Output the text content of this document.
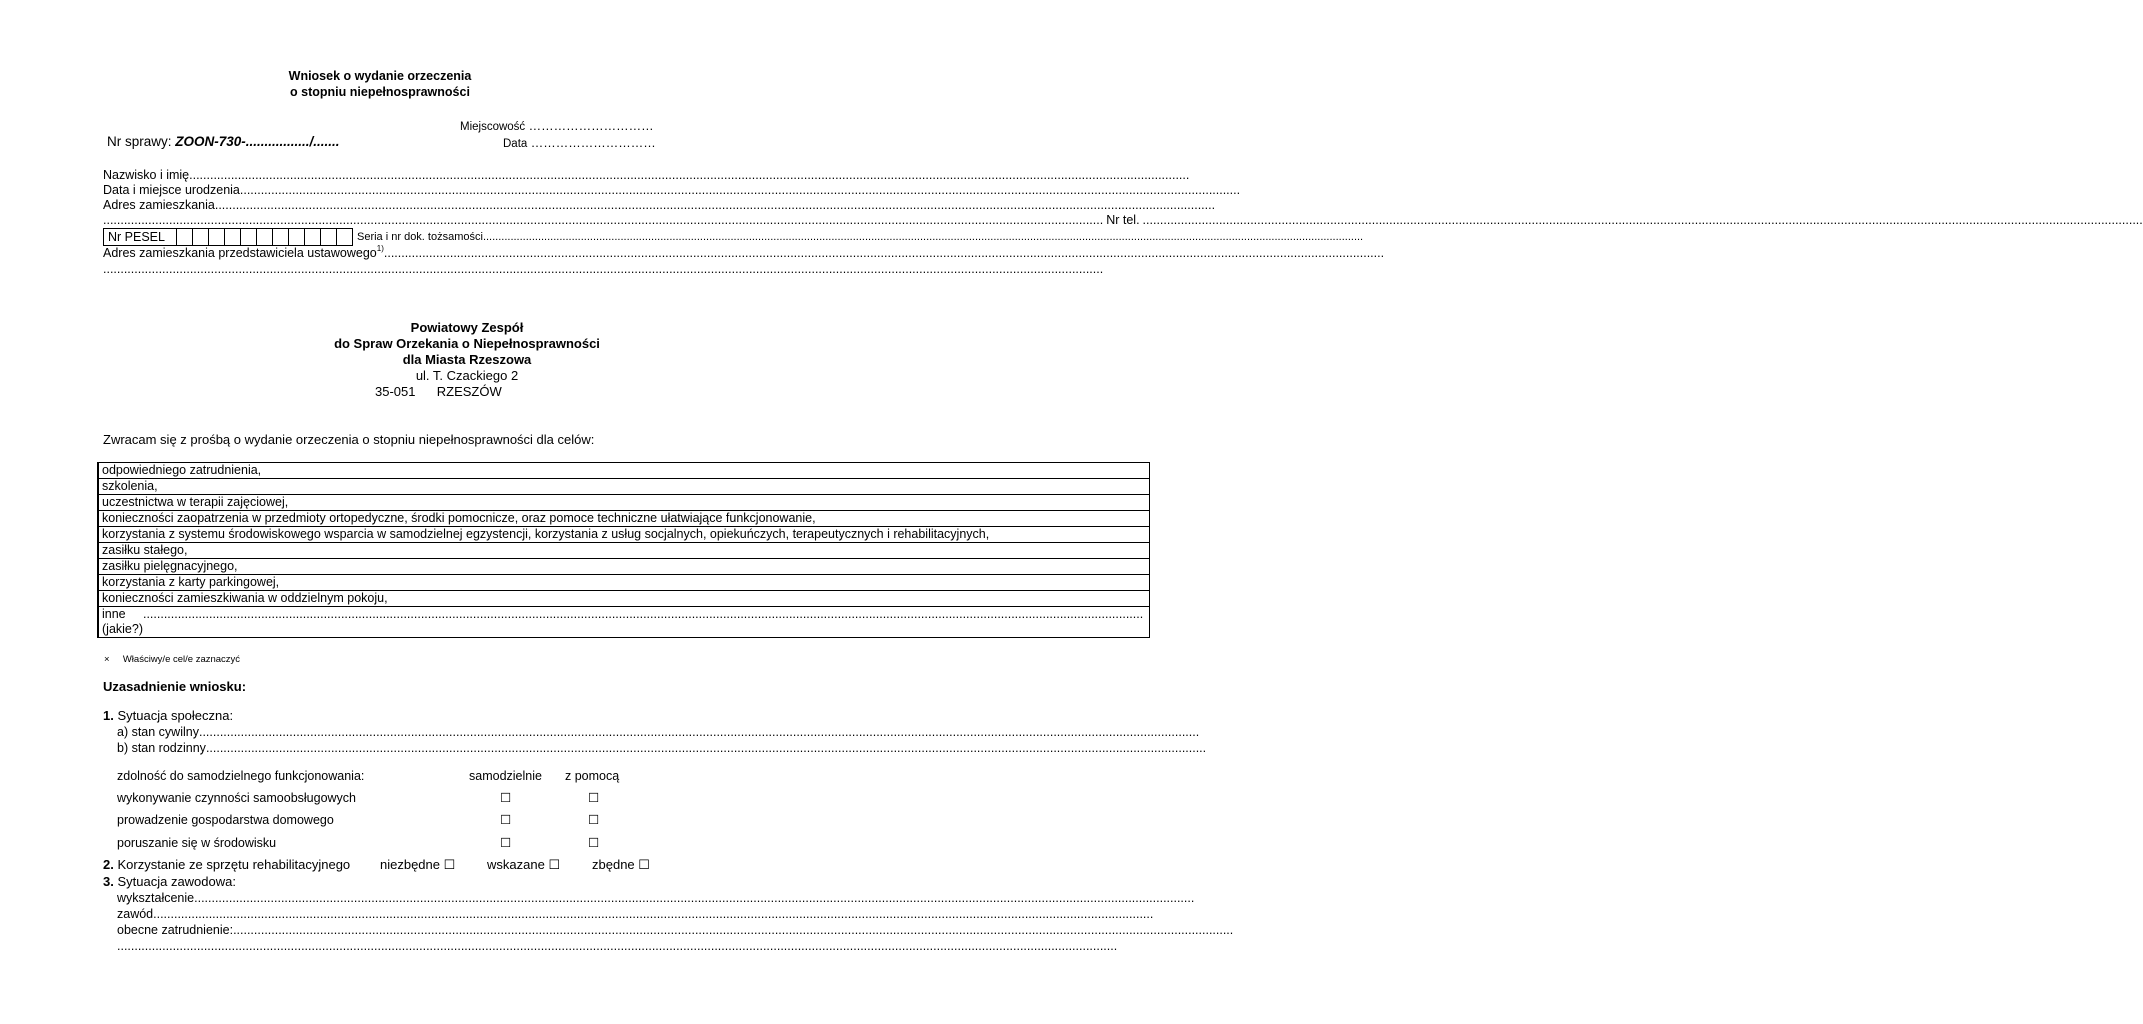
Wniosek o wydanie orzeczenia
o stopniu niepełnosprawności
Miejscowość …………………………
Nr sprawy: ZOON-730-................./.......	Data …………………………
Nazwisko i imię
.....
Data i miejsce urodzenia
.....
Adres zamieszkania
.....
.....
Nr tel.
.....
Nr PESEL	Seria i nr dok. tożsamości
.....
Adres zamieszkania przedstawiciela ustawowego 1)
.....
.....
Powiatowy Zespół
do Spraw Orzekania o Niepełnosprawności
dla Miasta Rzeszowa
ul. T. Czackiego 2
35-051 RZESZÓW
Zwracam się z prośbą o wydanie orzeczenia o stopniu niepełnosprawności dla celów:
	odpowiedniego zatrudnienia,
	szkolenia,
	uczestnictwa w terapii zajęciowej,
	konieczności zaopatrzenia w przedmioty ortopedyczne, środki pomocnicze, oraz pomoce techniczne ułatwiające funkcjonowanie,
	korzystania z systemu środowiskowego wsparcia w samodzielnej egzystencji, korzystania z usług socjalnych, opiekuńczych, terapeutycznych i rehabilitacyjnych,
	zasiłku stałego,
	zasiłku pielęgnacyjnego,
	korzystania z karty parkingowej,
	konieczności zamieszkiwania w oddzielnym pokoju,

inne (jakie?)
.....
× Właściwy/e cel/e zaznaczyć
Uzasadnienie wniosku:
1. Sytuacja społeczna:
a) stan cywilny
.....
b) stan rodzinny
.....
zdolność do samodzielnego funkcjonowania:	samodzielnie z pomocą
wykonywanie czynności samoobsługowych	☐	☐
prowadzenie gospodarstwa domowego	☐	☐
poruszanie się w środowisku	☐	☐
2. Korzystanie ze sprzętu rehabilitacyjnego niezbędne ☐ wskazane ☐ zbędne ☐
3. Sytuacja zawodowa:
wykształcenie
.....
zawód
.....
obecne zatrudnienie:
.....
.....
